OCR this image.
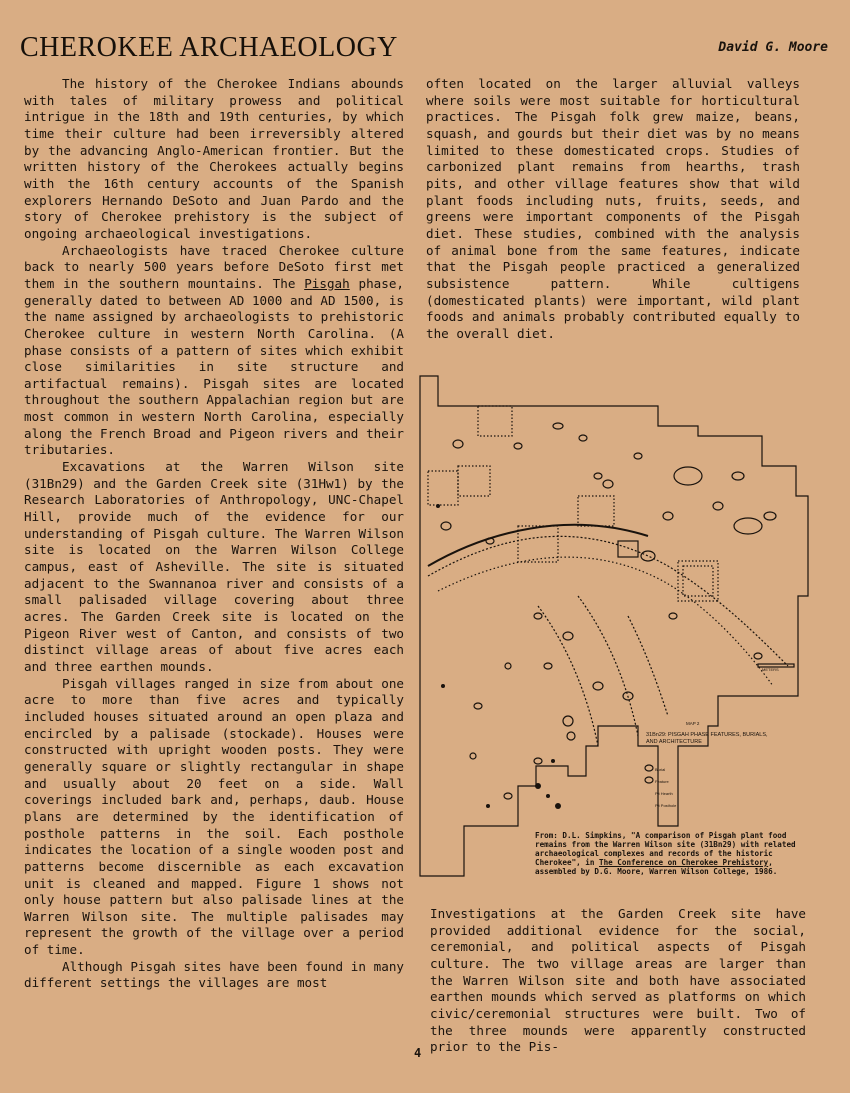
CHEROKEE ARCHAEOLOGY	David G. Moore

The history of the Cherokee Indians abounds with tales of military prowess and political intrigue in the 18th and 19th centuries, by which time their culture had been irreversibly altered by the advancing Anglo-American frontier. But the written history of the Cherokees actually begins with the 16th century accounts of the Spanish explorers Hernando DeSoto and Juan Pardo and the story of Cherokee prehistory is the subject of ongoing archaeological investigations.

Archaeologists have traced Cherokee culture back to nearly 500 years before DeSoto first met them in the southern mountains. The Pisgah phase, generally dated to between AD 1000 and AD 1500, is the name assigned by archaeologists to prehistoric Cherokee culture in western North Carolina. (A phase consists of a pattern of sites which exhibit close similarities in site structure and artifactual remains). Pisgah sites are located throughout the southern Appalachian region but are most common in western North Carolina, especially along the French Broad and Pigeon rivers and their tributaries.

Excavations at the Warren Wilson site (31Bn29) and the Garden Creek site (31Hw1) by the Research Laboratories of Anthropology, UNC-Chapel Hill, provide much of the evidence for our understanding of Pisgah culture. The Warren Wilson site is located on the Warren Wilson College campus, east of Asheville. The site is situated adjacent to the Swannanoa river and consists of a small palisaded village covering about three acres. The Garden Creek site is located on the Pigeon River west of Canton, and consists of two distinct village areas of about five acres each and three earthen mounds.

Pisgah villages ranged in size from about one acre to more than five acres and typically included houses situated around an open plaza and encircled by a palisade (stockade). Houses were constructed with upright wooden posts. They were generally square or slightly rectangular in shape and usually about 20 feet on a side. Wall coverings included bark and, perhaps, daub. House plans are determined by the identification of posthole patterns in the soil. Each posthole indicates the location of a single wooden post and patterns become discernible as each excavation unit is cleaned and mapped. Figure 1 shows not only house pattern but also palisade lines at the Warren Wilson site. The multiple palisades may represent the growth of the village over a period of time.

Although Pisgah sites have been found in many different settings the villages are most

often located on the larger alluvial valleys where soils were most suitable for horticultural practices. The Pisgah folk grew maize, beans, squash, and gourds but their diet was by no means limited to these domesticated crops. Studies of carbonized plant remains from hearths, trash pits, and other village features show that wild plant foods including nuts, fruits, seeds, and greens were important components of the Pisgah diet. These studies, combined with the analysis of animal bone from the same features, indicate that the Pisgah people practiced a generalized subsistence pattern. While cultigens (domesticated plants) were important, wild plant foods and animals probably contributed equally to the overall diet.

MAP 2
31Bn29: PISGAH PHASE FEATURES, BURIALS,
AND ARCHITECTURE
Burial
Feature
Pit Hearth
Pit Posthole
METERS
From: D.L. Simpkins, "A comparison of Pisgah plant food remains from the Warren Wilson site (31Bn29) with related archaeological complexes and records of the historic Cherokee", in The Conference on Cherokee Prehistory, assembled by D.G. Moore, Warren Wilson College, 1986.

Investigations at the Garden Creek site have provided additional evidence for the social, ceremonial, and political aspects of Pisgah culture. The two village areas are larger than the Warren Wilson site and both have associated earthen mounds which served as platforms on which civic/ceremonial structures were built. Two of the three mounds were apparently constructed prior to the Pis-

4
